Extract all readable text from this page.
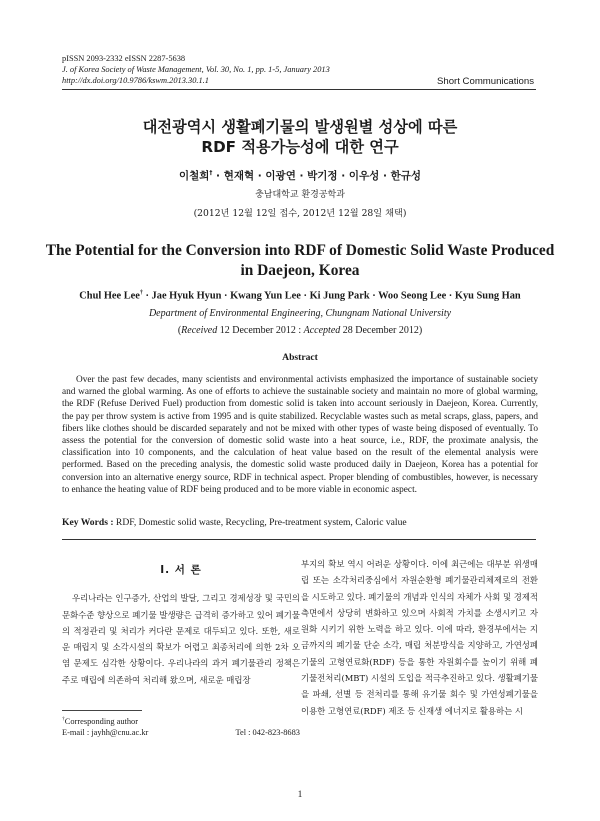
pISSN 2093-2332 eISSN 2287-5638
J. of Korea Society of Waste Management, Vol. 30, No. 1, pp. 1-5, January 2013
http://dx.doi.org/10.9786/kswm.2013.30.1.1	Short Communications
대전광역시 생활폐기물의 발생원별 성상에 따른
RDF 적용가능성에 대한 연구
이철희† · 현재혁 · 이광연 · 박기정 · 이우성 · 한규성
충남대학교 환경공학과
(2012년 12월 12일 접수, 2012년 12월 28일 채택)
The Potential for the Conversion into RDF of Domestic Solid Waste Produced
in Daejeon, Korea
Chul Hee Lee† · Jae Hyuk Hyun · Kwang Yun Lee · Ki Jung Park · Woo Seong Lee · Kyu Sung Han
Department of Environmental Engineering, Chungnam National University
(Received 12 December 2012 : Accepted 28 December 2012)
Abstract

Over the past few decades, many scientists and environmental activists emphasized the importance of sustainable society and warned the global warming. As one of efforts to achieve the sustainable society and maintain no more of global warming, the RDF (Refuse Derived Fuel) production from domestic solid is taken into account seriously in Daejeon, Korea. Currently, the pay per throw system is active from 1995 and is quite stabilized. Recyclable wastes such as metal scraps, glass, papers, and fibers like clothes should be discarded separately and not be mixed with other types of waste being disposed of eventually. To assess the potential for the conversion of domestic solid waste into a heat source, i.e., RDF, the proximate analysis, the classification into 10 components, and the calculation of heat value based on the result of the elemental analysis were performed. Based on the preceding analysis, the domestic solid waste produced daily in Daejeon, Korea has a potential for conversion into an alternative energy source, RDF in technical aspect. Proper blending of combustibles, however, is necessary to enhance the heating value of RDF being produced and to be more viable in economic aspect.

Key Words : RDF, Domestic solid waste, Recycling, Pre-treatment system, Caloric value
I. 서 론

우리나라는 인구증가, 산업의 발달, 그리고 경제성장 및 국민의 문화수준 향상으로 폐기물 발생량은 급격히 증가하고 있어 폐기물의 적정관리 및 처리가 커다란 문제로 대두되고 있다. 또한, 새로운 매립지 및 소각시설의 확보가 어렵고 최종처리에 의한 2차 오염 문제도 심각한 상황이다. 우리나라의 과거 폐기물관리 정책은 주로 매립에 의존하여 처리해 왔으며, 새로운 매립장

부지의 확보 역시 어려운 상황이다. 이에 최근에는 대부분 위생매립 또는 소각처리중심에서 자원순환형 폐기물관리체제로의 전환을 시도하고 있다. 폐기물의 개념과 인식의 자체가 사회 및 경제적 측면에서 상당히 변화하고 있으며 사회적 가치를 소생시키고 자원화 시키기 위한 노력을 하고 있다. 이에 따라, 환경부에서는 지금까지의 폐기물 단순 소각, 매립 처분방식을 지양하고, 가연성폐기물의 고형연료화(RDF) 등을 통한 자원회수를 높이기 위해 폐기물전처리(MBT) 시설의 도입을 적극추진하고 있다. 생활폐기물을 파쇄, 선별 등 전처리를 통해 유기물 회수 및 가연성폐기물을 이용한 고형연료(RDF) 제조 등 신재생 에너지로 활용하는 시

†Corresponding author
E-mail : jayhh@cnu.ac.kr	Tel : 042-823-8683
1
